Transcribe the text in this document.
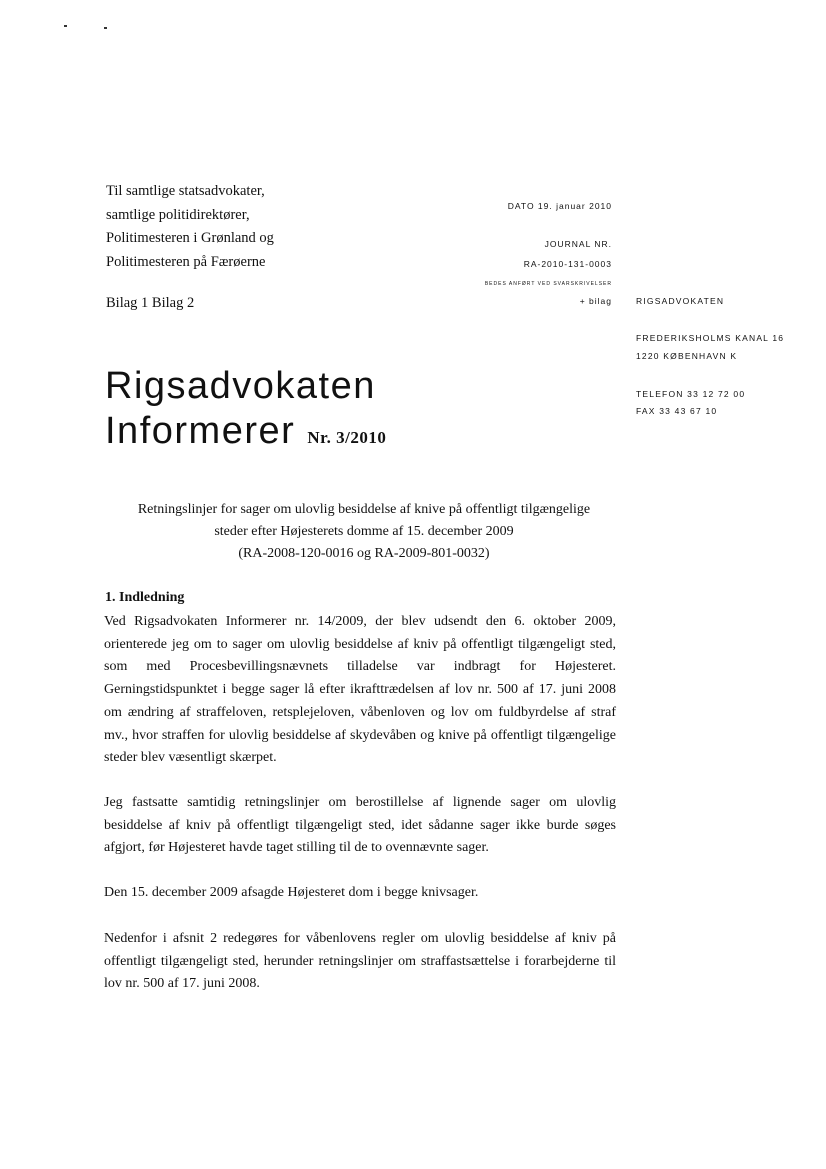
Til samtlige statsadvokater,
samtlige politidirektører,
Politimesteren i Grønland og
Politimesteren på Færøerne
Bilag 1 Bilag 2
DATO 19. januar 2010
JOURNAL NR.
RA-2010-131-0003
BEDES ANFØRT VED SVARSKRIVELSER
+ bilag	RIGSADVOKATEN
FREDERIKSHOLMS KANAL 16
1220 KØBENHAVN K
TELEFON 33 12 72 00
FAX 33 43 67 10
Rigsadvokaten
Informerer Nr. 3/2010
Retningslinjer for sager om ulovlig besiddelse af knive på offentligt tilgængelige
steder efter Højesterets domme af 15. december 2009
(RA-2008-120-0016 og RA-2009-801-0032)
1. Indledning
Ved Rigsadvokaten Informerer nr. 14/2009, der blev udsendt den 6. oktober 2009, orienterede jeg om to sager om ulovlig besiddelse af kniv på offentligt tilgængeligt sted, som med Procesbevillingsnævnets tilladelse var indbragt for Højesteret. Gerningstidspunktet i begge sager lå efter ikrafttrædelsen af lov nr. 500 af 17. juni 2008 om ændring af straffeloven, retsplejeloven, våbenloven og lov om fuldbyrdelse af straf mv., hvor straffen for ulovlig besiddelse af skydevåben og knive på offentligt tilgængelige steder blev væsentligt skærpet.
Jeg fastsatte samtidig retningslinjer om berostillelse af lignende sager om ulovlig besiddelse af kniv på offentligt tilgængeligt sted, idet sådanne sager ikke burde søges afgjort, før Højesteret havde taget stilling til de to ovennævnte sager.
Den 15. december 2009 afsagde Højesteret dom i begge knivsager.
Nedenfor i afsnit 2 redegøres for våbenlovens regler om ulovlig besiddelse af kniv på offentligt tilgængeligt sted, herunder retningslinjer om straffastsættelse i forarbejderne til lov nr. 500 af 17. juni 2008.
